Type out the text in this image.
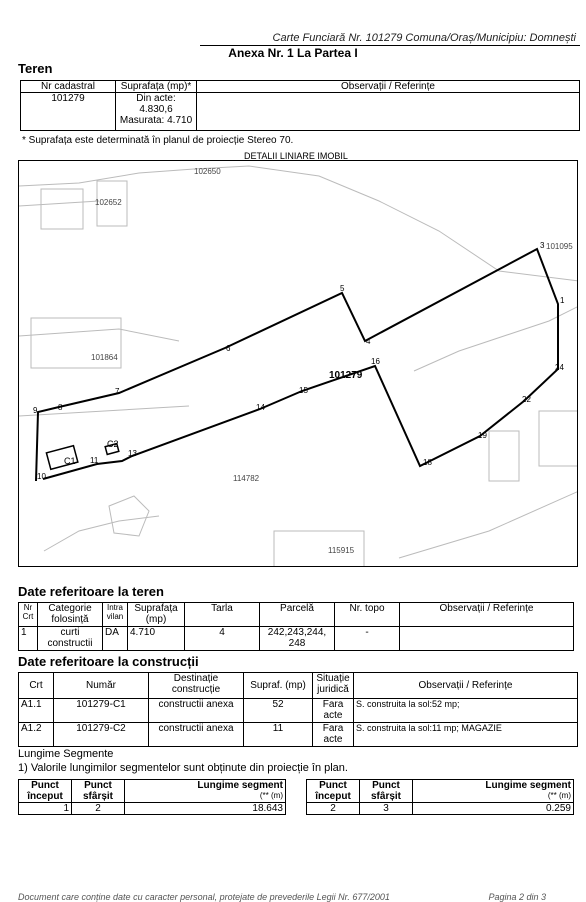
Carte Funciară Nr. 101279 Comuna/Oraș/Municipiu: Domnești
Anexa Nr. 1 La Partea I
Teren
Nr cadastral	Suprafața (mp)*	Observații / Referințe
101279	Din acte:
4.830,6
Masurata: 4.710	

* Suprafața este determinată în planul de proiecție Stereo 70.
DETALII LINIARE IMOBIL
102650
102652
101095
101864
114782
115915
101279
C1
C2
1
3
4
5
6
7
8
9
10
11
13
14
15
16
18
19
22
24
Date referitoare la teren
Nr Crt	Categorie folosință	Intra vilan	Suprafața (mp)	Tarla	Parcelă	Nr. topo	Observații / Referințe
1	curti constructii	DA	4.710	4	242,243,244, 248	-	
Date referitoare la construcții
Crt	Număr	Destinație construcție	Supraf. (mp)	Situație juridică	Observații / Referințe
A1.1	101279-C1	constructii anexa	52	Fara acte	S. construita la sol:52 mp;
A1.2	101279-C2	constructii anexa	11	Fara acte	S. construita la sol:11 mp; MAGAZIE
Lungime Segmente
1) Valorile lungimilor segmentelor sunt obținute din proiecție în plan.
Punct început	Punct sfârșit	Lungime segment
(** (m)

1	2	18.643
Punct început	Punct sfârșit	Lungime segment
(** (m)

2	3	0.259
Document care conține date cu caracter personal, protejate de prevederile Legii Nr. 677/2001	Pagina 2 din 3
